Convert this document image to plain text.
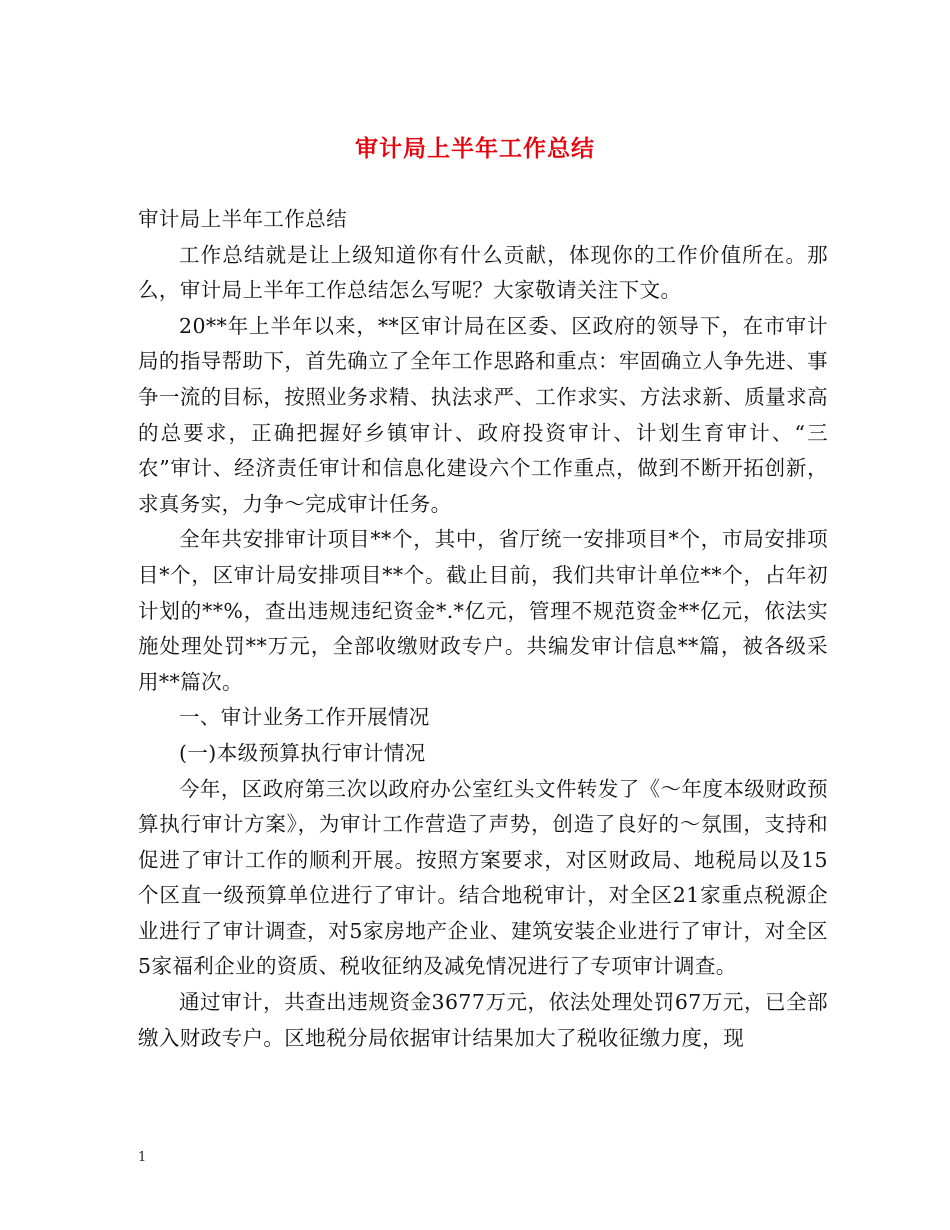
审计局上半年工作总结

审计局上半年工作总结

工作总结就是让上级知道你有什么贡献，体现你的工作价值所在。那么，审计局上半年工作总结怎么写呢？大家敬请关注下文。

20**年上半年以来，**区审计局在区委、区政府的领导下，在市审计局的指导帮助下，首先确立了全年工作思路和重点：牢固确立人争先进、事争一流的目标，按照业务求精、执法求严、工作求实、方法求新、质量求高的总要求，正确把握好乡镇审计、政府投资审计、计划生育审计、“三农”审计、经济责任审计和信息化建设六个工作重点，做到不断开拓创新，求真务实，力争～完成审计任务。

全年共安排审计项目**个，其中，省厅统一安排项目*个，市局安排项目*个，区审计局安排项目**个。截止目前，我们共审计单位**个，占年初计划的**%，查出违规违纪资金*.*亿元，管理不规范资金**亿元，依法实施处理处罚**万元，全部收缴财政专户。共编发审计信息**篇，被各级采用**篇次。

一、审计业务工作开展情况

(一)本级预算执行审计情况

今年，区政府第三次以政府办公室红头文件转发了《～年度本级财政预算执行审计方案》，为审计工作营造了声势，创造了良好的～氛围，支持和促进了审计工作的顺利开展。按照方案要求，对区财政局、地税局以及15个区直一级预算单位进行了审计。结合地税审计，对全区21家重点税源企业进行了审计调查，对5家房地产企业、建筑安装企业进行了审计，对全区5家福利企业的资质、税收征纳及减免情况进行了专项审计调查。

通过审计，共查出违规资金3677万元，依法处理处罚67万元，已全部缴入财政专户。区地税分局依据审计结果加大了税收征缴力度，现

1
